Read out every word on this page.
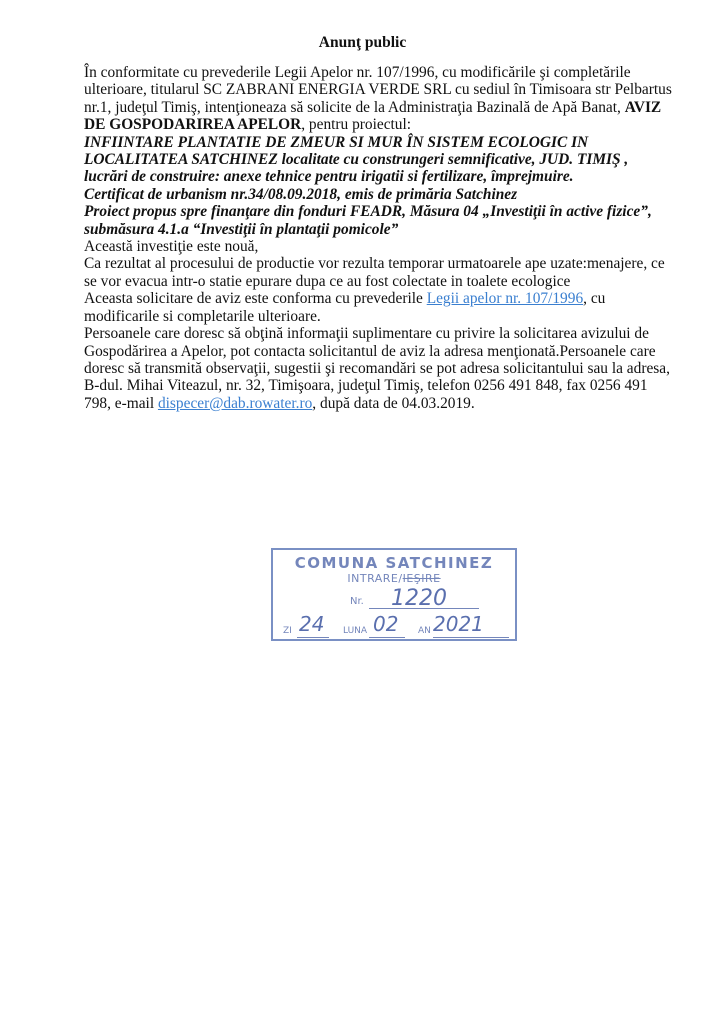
Anunţ public

În conformitate cu prevederile Legii Apelor nr. 107/1996, cu modificările şi completările ulterioare, titularul SC ZABRANI ENERGIA VERDE SRL cu sediul în Timisoara str Pelbartus nr.1, judeţul Timiş, intenţioneaza să solicite de la Administraţia Bazinală de Apă Banat, AVIZ DE GOSPODARIREA APELOR, pentru proiectul:
INFIINTARE PLANTATIE DE ZMEUR SI MUR ÎN SISTEM ECOLOGIC IN LOCALITATEA SATCHINEZ localitate cu construngeri semnificative, JUD. TIMIŞ , lucrări de construire: anexe tehnice pentru irigatii si fertilizare, împrejmuire.
Certificat de urbanism nr.34/08.09.2018, emis de primăria Satchinez
Proiect propus spre finanţare din fonduri FEADR, Măsura 04 „Investiţii în active fizice”, submăsura 4.1.a “Investiţii în plantaţii pomicole”

Această investiţie este nouă,

Ca rezultat al procesului de productie vor rezulta temporar urmatoarele ape uzate:menajere, ce se vor evacua intr-o statie epurare dupa ce au fost colectate in toalete ecologice

Aceasta solicitare de aviz este conforma cu prevederile Legii apelor nr. 107/1996, cu modificarile si completarile ulterioare.

Persoanele care doresc să obţină informaţii suplimentare cu privire la solicitarea avizului de Gospodărirea a Apelor, pot contacta solicitantul de aviz la adresa menţionată.Persoanele care doresc să transmită observaţii, sugestii şi recomandări se pot adresa solicitantului sau la adresa, B-dul. Mihai Viteazul, nr. 32, Timişoara, judeţul Timiş, telefon 0256 491 848, fax 0256 491 798, e-mail dispecer@dab.rowater.ro, după data de 04.03.2019.

COMUNA SATCHINEZ
INTRARE/IEŞIRE
Nr. 1220
ZI 24 LUNA 02 AN 2021
